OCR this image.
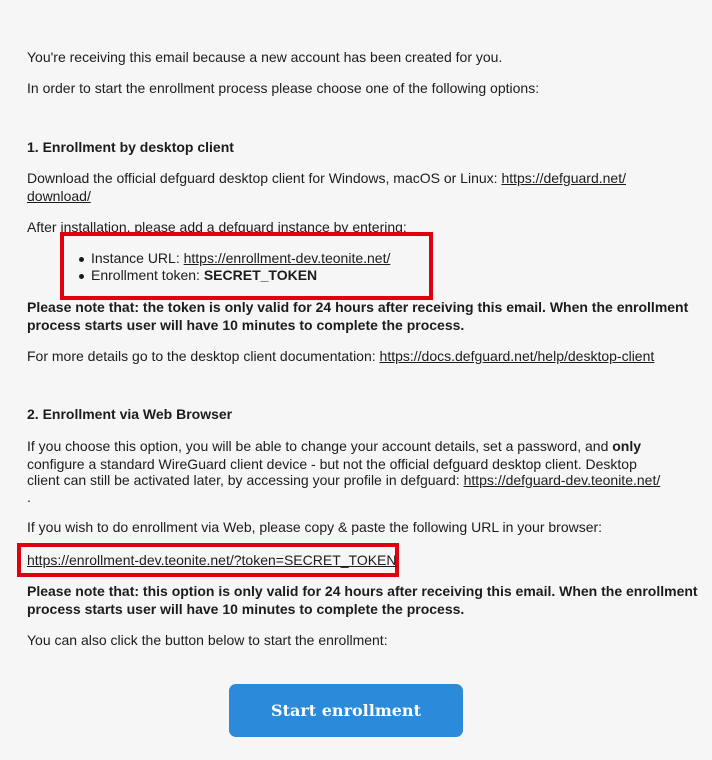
You're receiving this email because a new account has been created for you.

In order to start the enrollment process please choose one of the following options:

1. Enrollment by desktop client

Download the official defguard desktop client for Windows, macOS or Linux: https://defguard.net/

download/

After installation, please add a defguard instance by entering:

Instance URL: https://enrollment-dev.teonite.net/
Enrollment token: SECRET_TOKEN

Please note that: the token is only valid for 24 hours after receiving this email. When the enrollment

process starts user will have 10 minutes to complete the process.

For more details go to the desktop client documentation: https://docs.defguard.net/help/desktop-client

2. Enrollment via Web Browser

If you choose this option, you will be able to change your account details, set a password, and only

configure a standard WireGuard client device - but not the official defguard desktop client. Desktop

client can still be activated later, by accessing your profile in defguard: https://defguard-dev.teonite.net/

.

If you wish to do enrollment via Web, please copy & paste the following URL in your browser:

https://enrollment-dev.teonite.net/?token=SECRET_TOKEN

Please note that: this option is only valid for 24 hours after receiving this email. When the enrollment

process starts user will have 10 minutes to complete the process.

You can also click the button below to start the enrollment:

Start enrollment
